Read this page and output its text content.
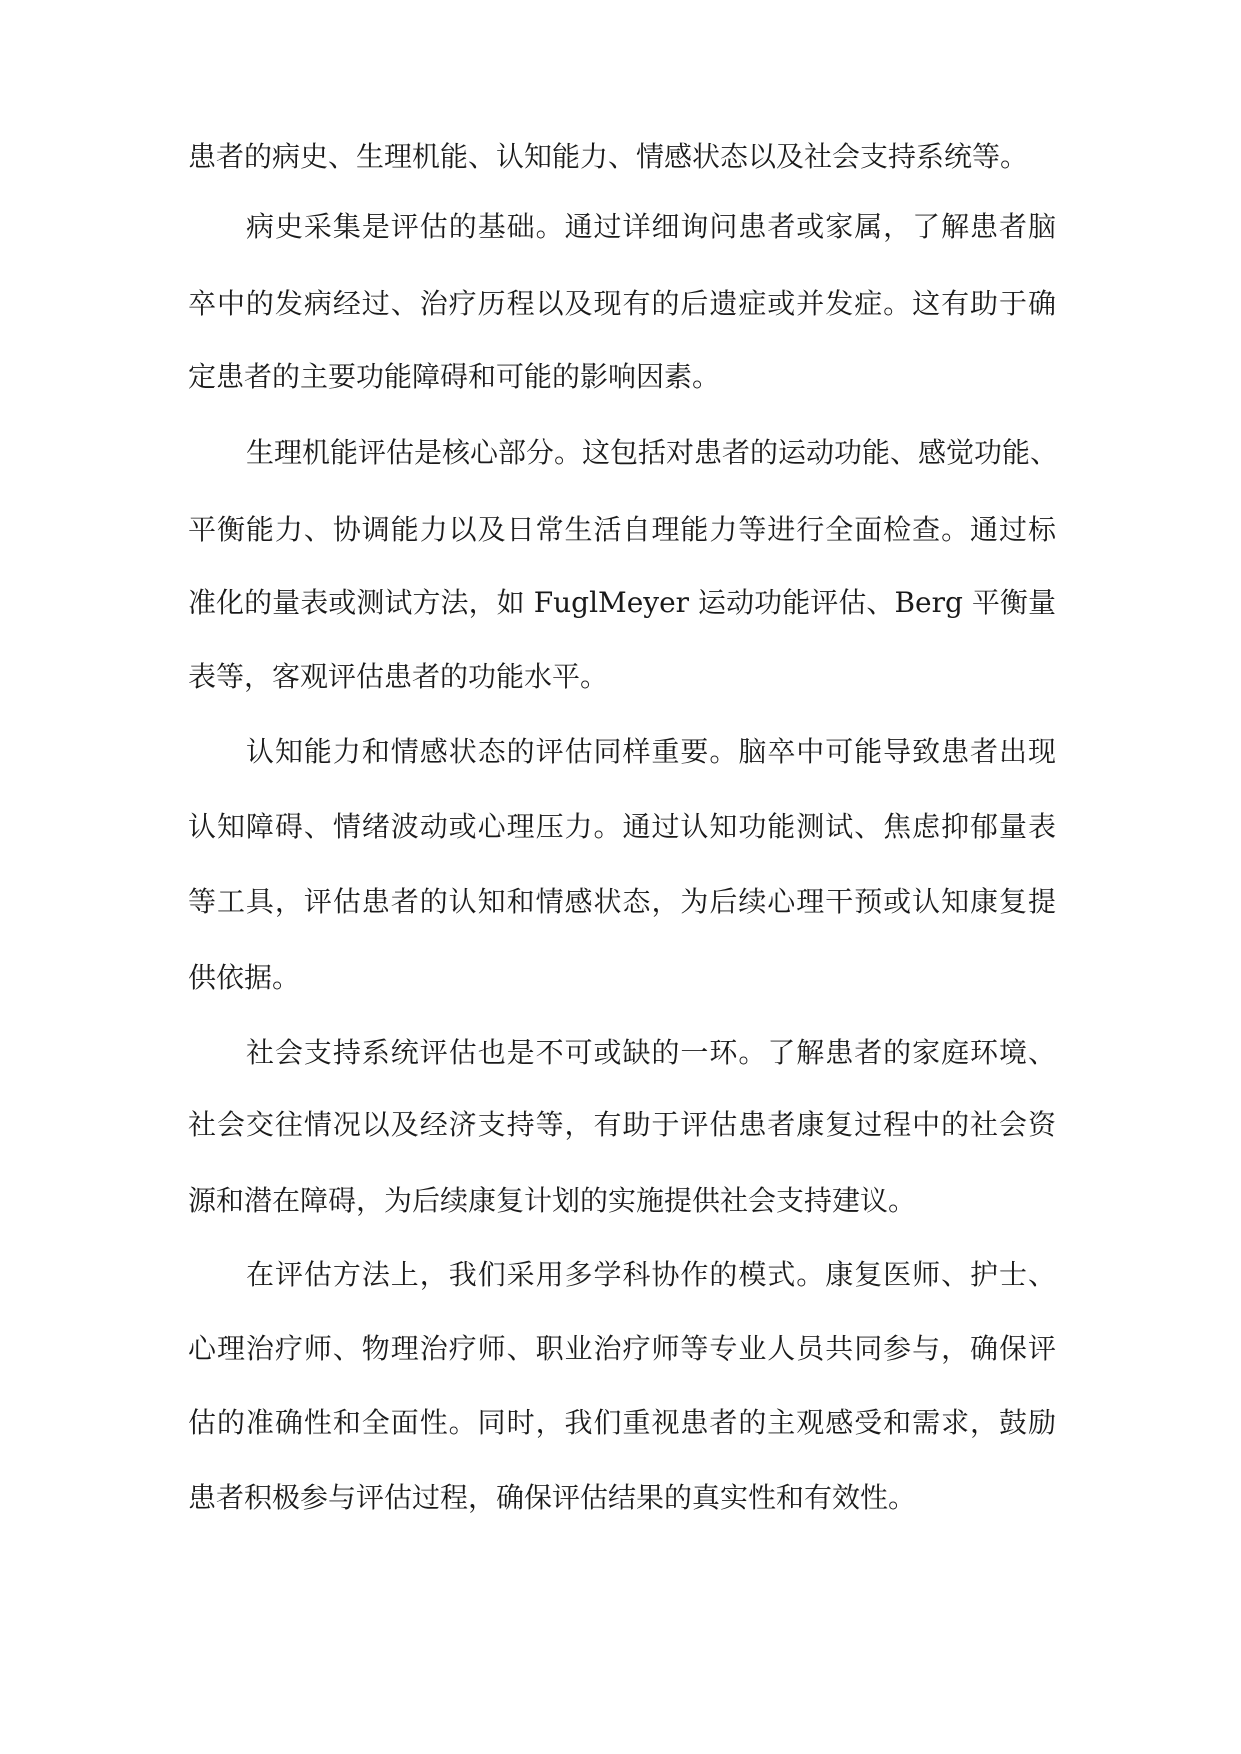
患者的病史、生理机能、认知能力、情感状态以及社会支持系统等。
病史采集是评估的基础。通过详细询问患者或家属，了解患者脑
卒中的发病经过、治疗历程以及现有的后遗症或并发症。这有助于确
定患者的主要功能障碍和可能的影响因素。
生理机能评估是核心部分。这包括对患者的运动功能、感觉功能、
平衡能力、协调能力以及日常生活自理能力等进行全面检查。通过标
准化的量表或测试方法，如 FuglMeyer 运动功能评估、Berg 平衡量
表等，客观评估患者的功能水平。
认知能力和情感状态的评估同样重要。脑卒中可能导致患者出现
认知障碍、情绪波动或心理压力。通过认知功能测试、焦虑抑郁量表
等工具，评估患者的认知和情感状态，为后续心理干预或认知康复提
供依据。
社会支持系统评估也是不可或缺的一环。了解患者的家庭环境、
社会交往情况以及经济支持等，有助于评估患者康复过程中的社会资
源和潜在障碍，为后续康复计划的实施提供社会支持建议。
在评估方法上，我们采用多学科协作的模式。康复医师、护士、
心理治疗师、物理治疗师、职业治疗师等专业人员共同参与，确保评
估的准确性和全面性。同时，我们重视患者的主观感受和需求，鼓励
患者积极参与评估过程，确保评估结果的真实性和有效性。
